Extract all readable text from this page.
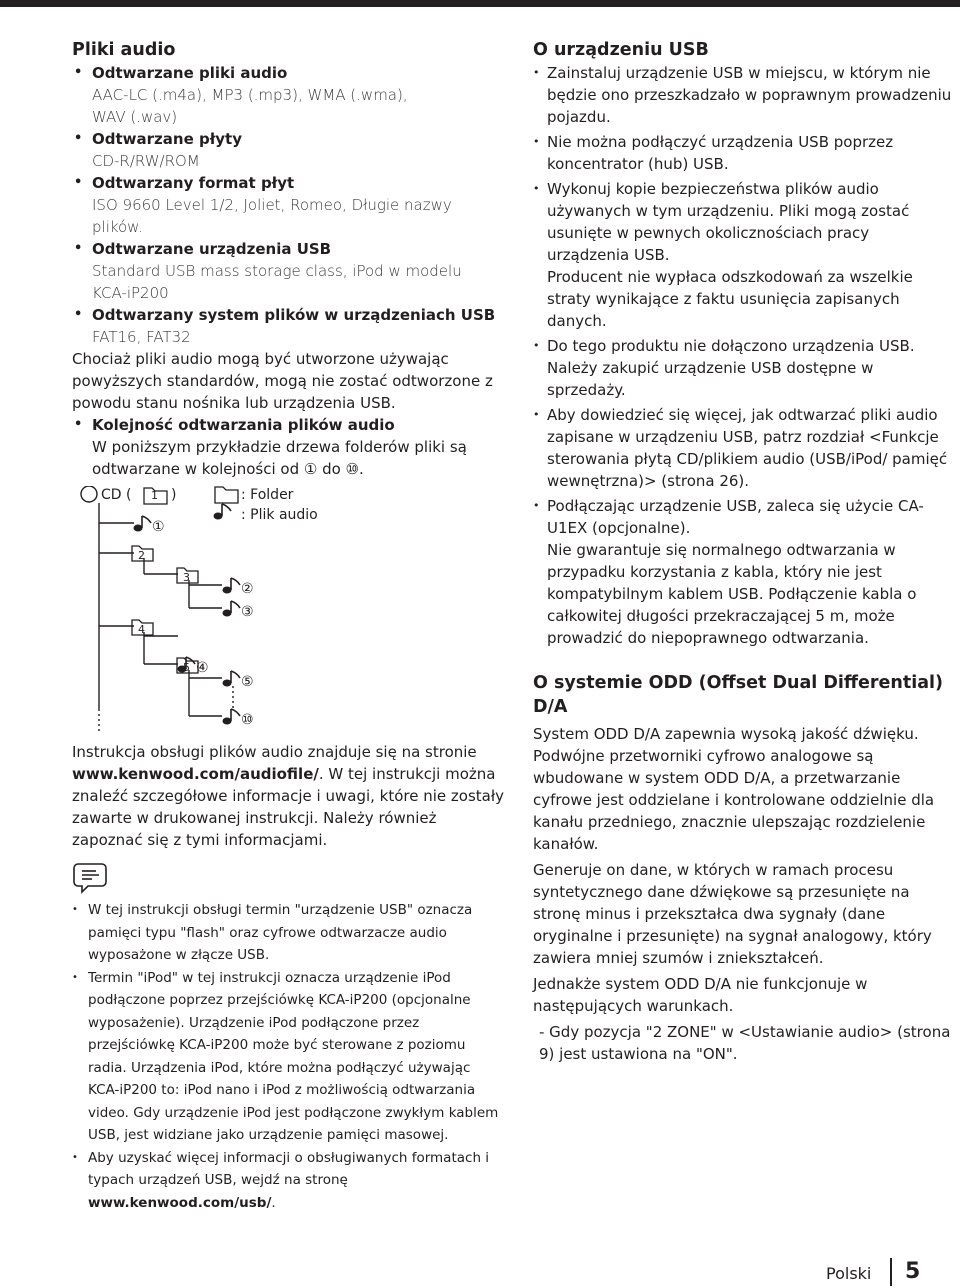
Pliki audio

• Odtwarzane pliki audio

AAC-LC (.m4a), MP3 (.mp3), WMA (.wma),

WAV (.wav)

• Odtwarzane płyty

CD-R/RW/ROM

• Odtwarzany format płyt

ISO 9660 Level 1/2, Joliet, Romeo, Długie nazwy

plików.

• Odtwarzane urządzenia USB

Standard USB mass storage class, iPod w modelu

KCA-iP200

• Odtwarzany system plików w urządzeniach USB

FAT16, FAT32

Chociaż pliki audio mogą być utworzone używając powyższych standardów, mogą nie zostać odtworzone z powodu stanu nośnika lub urządzenia USB.

• Kolejność odtwarzania plików audio

W poniższym przykładzie drzewa folderów pliki są odtwarzane w kolejności od ① do ⑩.

CD ( 1 )	: Folder
: Plik audio
2
3
4
5
①
②
③
④
⑤
⑩

Instrukcja obsługi plików audio znajduje się na stronie www.kenwood.com/audiofile/. W tej instrukcji można znaleźć szczegółowe informacje i uwagi, które nie zostały zawarte w drukowanej instrukcji. Należy również zapoznać się z tymi informacjami.

• W tej instrukcji obsługi termin "urządzenie USB" oznacza pamięci typu "flash" oraz cyfrowe odtwarzacze audio wyposażone w złącze USB.

• Termin "iPod" w tej instrukcji oznacza urządzenie iPod podłączone poprzez przejściówkę KCA-iP200 (opcjonalne wyposażenie). Urządzenie iPod podłączone przez przejściówkę KCA-iP200 może być sterowane z poziomu radia. Urządzenia iPod, które można podłączyć używając KCA-iP200 to: iPod nano i iPod z możliwością odtwarzania video. Gdy urządzenie iPod jest podłączone zwykłym kablem USB, jest widziane jako urządzenie pamięci masowej.

• Aby uzyskać więcej informacji o obsługiwanych formatach i typach urządzeń USB, wejdź na stronę www.kenwood.com/usb/.

O urządzeniu USB

• Zainstaluj urządzenie USB w miejscu, w którym nie będzie ono przeszkadzało w poprawnym prowadzeniu pojazdu.

• Nie można podłączyć urządzenia USB poprzez koncentrator (hub) USB.

• Wykonuj kopie bezpieczeństwa plików audio używanych w tym urządzeniu. Pliki mogą zostać usunięte w pewnych okolicznościach pracy urządzenia USB.

Producent nie wypłaca odszkodowań za wszelkie straty wynikające z faktu usunięcia zapisanych danych.

• Do tego produktu nie dołączono urządzenia USB. Należy zakupić urządzenie USB dostępne w sprzedaży.

• Aby dowiedzieć się więcej, jak odtwarzać pliki audio zapisane w urządzeniu USB, patrz rozdział <Funkcje sterowania płytą CD/plikiem audio (USB/iPod/ pamięć wewnętrzna)> (strona 26).

• Podłączając urządzenie USB, zaleca się użycie CA-U1EX (opcjonalne).

Nie gwarantuje się normalnego odtwarzania w przypadku korzystania z kabla, który nie jest kompatybilnym kablem USB. Podłączenie kabla o całkowitej długości przekraczającej 5 m, może prowadzić do niepoprawnego odtwarzania.

O systemie ODD (Offset Dual Differential) D/A

System ODD D/A zapewnia wysoką jakość dźwięku. Podwójne przetworniki cyfrowo analogowe są wbudowane w system ODD D/A, a przetwarzanie cyfrowe jest oddzielane i kontrolowane oddzielnie dla kanału przedniego, znacznie ulepszając rozdzielenie kanałów.

Generuje on dane, w których w ramach procesu syntetycznego dane dźwiękowe są przesunięte na stronę minus i przekształca dwa sygnały (dane oryginalne i przesunięte) na sygnał analogowy, który zawiera mniej szumów i zniekształceń.

Jednakże system ODD D/A nie funkcjonuje w następujących warunkach.

- Gdy pozycja "2 ZONE" w <Ustawianie audio> (strona 9) jest ustawiona na "ON".

Polski 5
